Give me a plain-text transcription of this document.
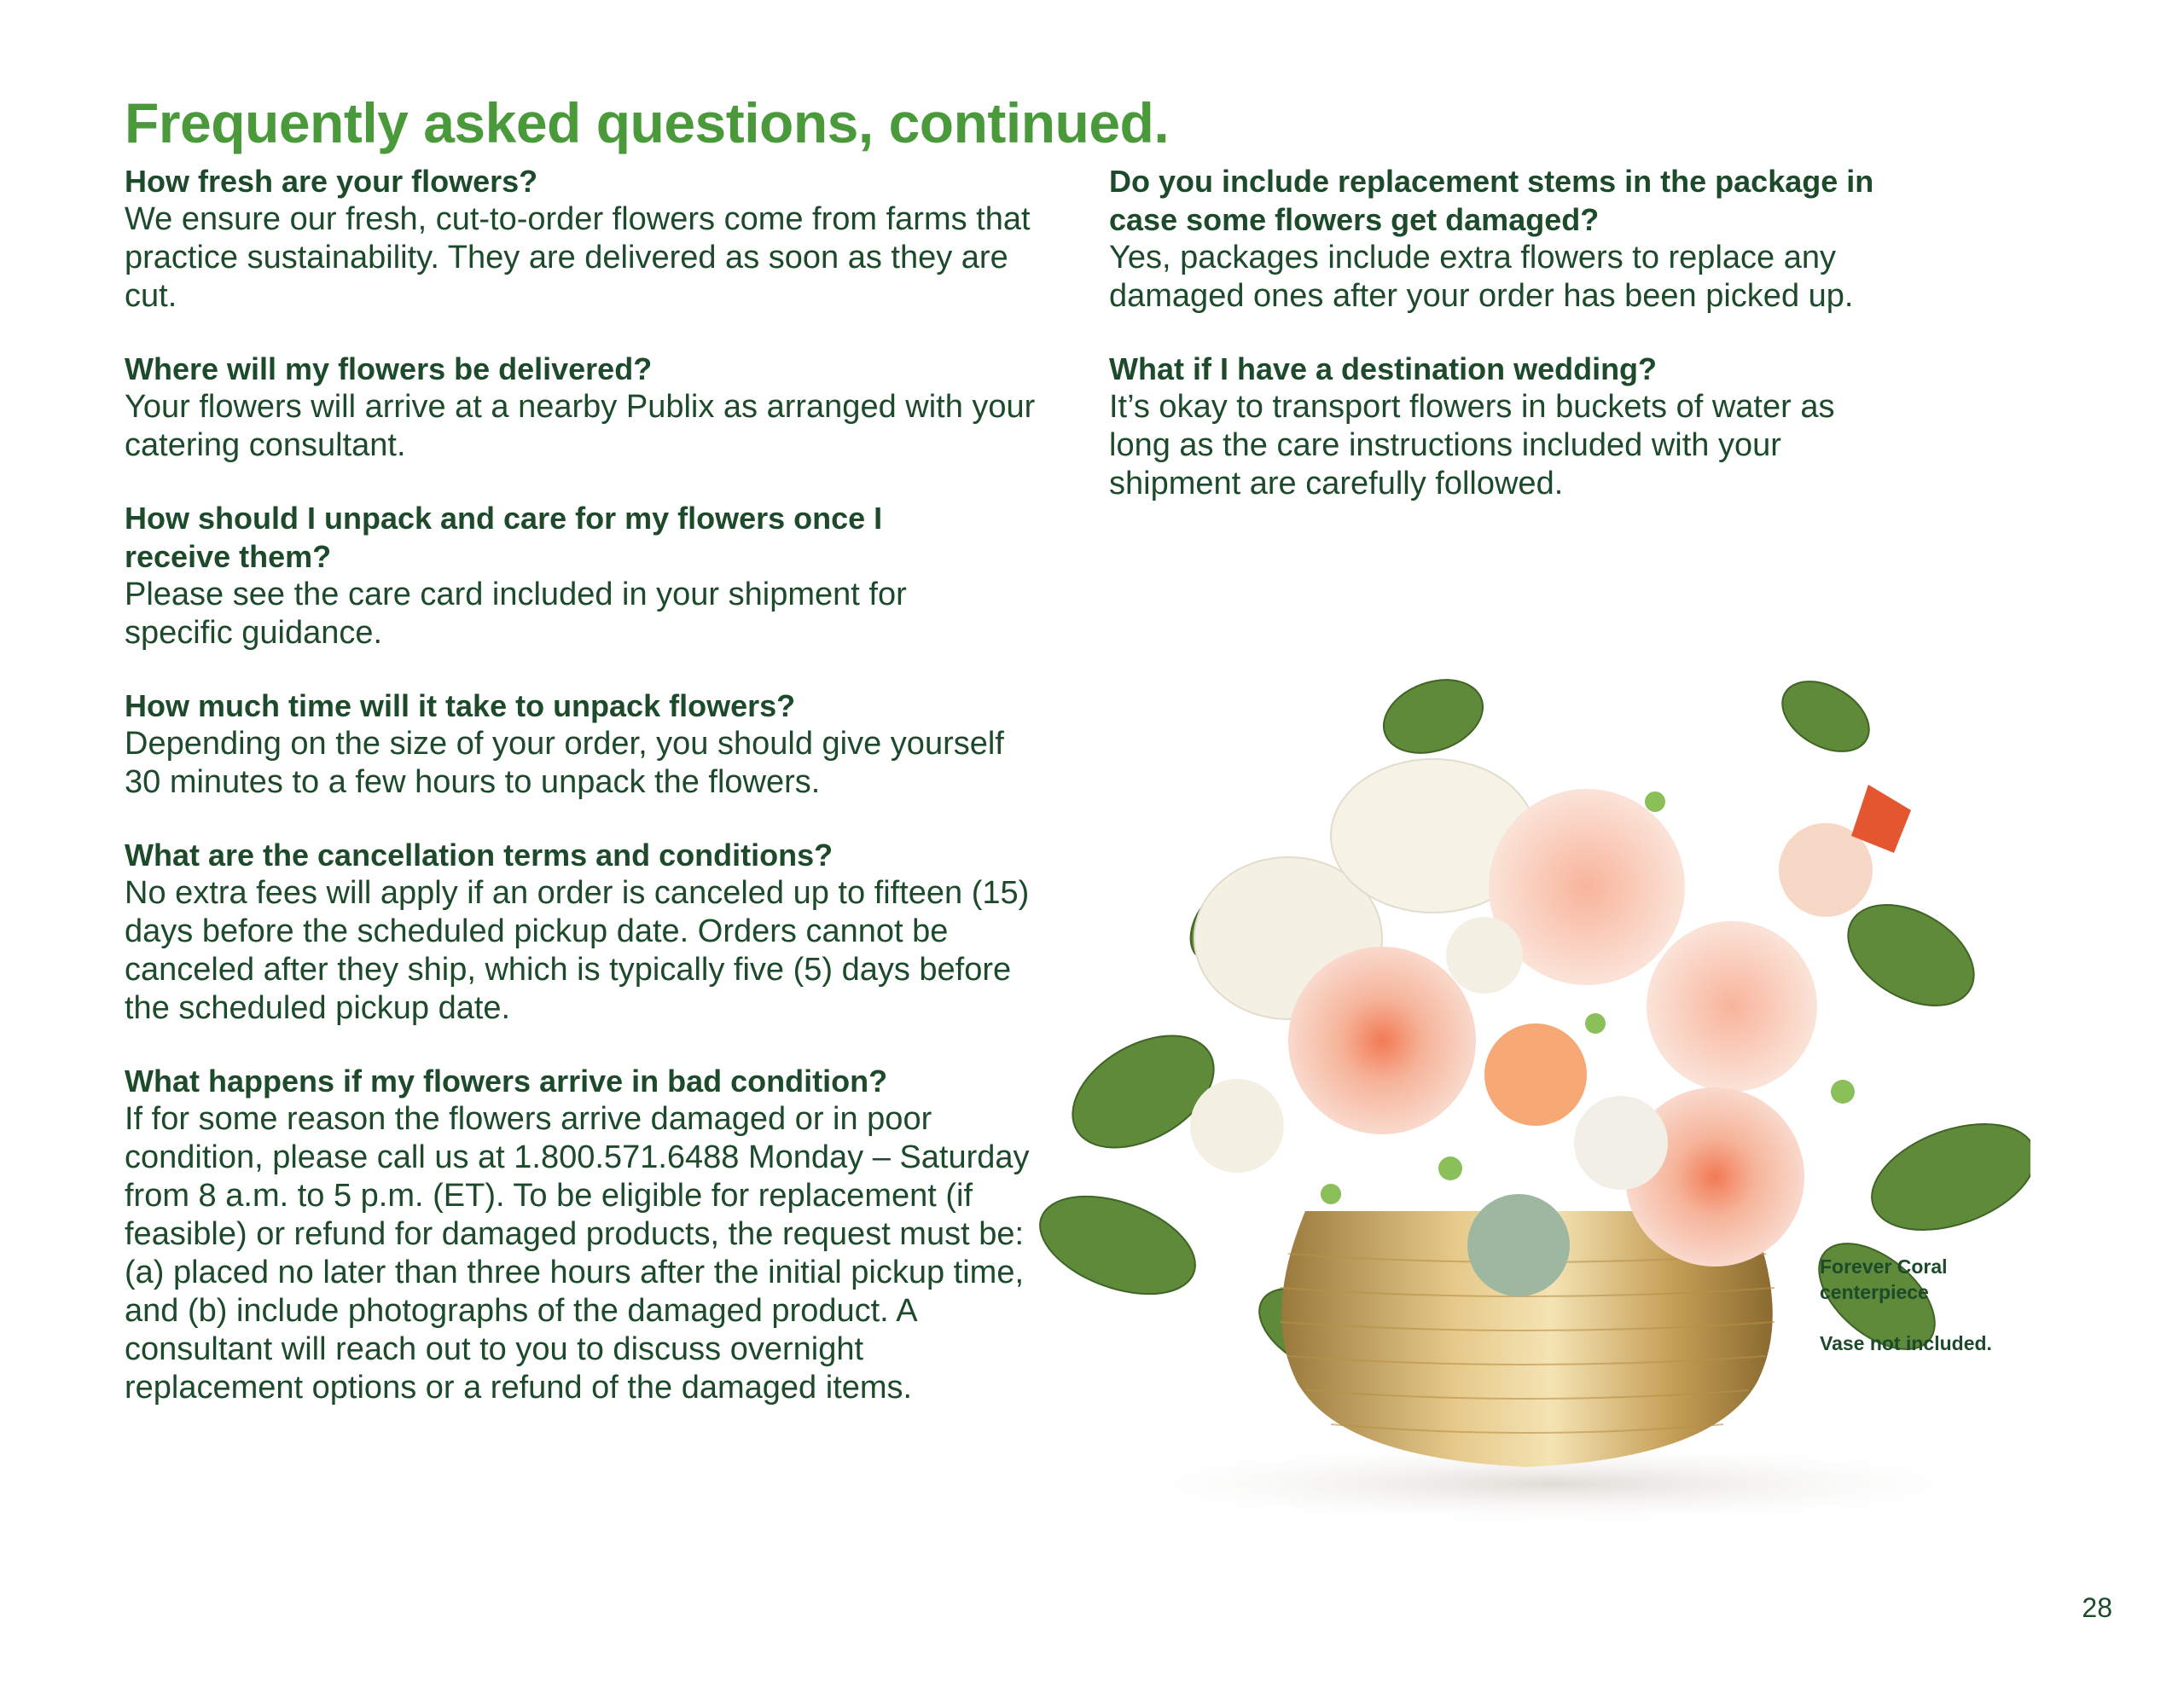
Frequently asked questions, continued.
How fresh are your flowers?

We ensure our fresh, cut-to-order flowers come from farms that practice sustainability. They are delivered as soon as they are cut.

Where will my flowers be delivered?

Your flowers will arrive at a nearby Publix as arranged with your catering consultant.

How should I unpack and care for my flowers once I receive them?

Please see the care card included in your shipment for specific guidance.

How much time will it take to unpack flowers?

Depending on the size of your order, you should give yourself 30 minutes to a few hours to unpack the flowers.

What are the cancellation terms and conditions?

No extra fees will apply if an order is canceled up to fifteen (15) days before the scheduled pickup date. Orders cannot be canceled after they ship, which is typically five (5) days before the scheduled pickup date.

What happens if my flowers arrive in bad condition?

If for some reason the flowers arrive damaged or in poor condition, please call us at 1.800.571.6488 Monday – Saturday from 8 a.m. to 5 p.m. (ET). To be eligible for replacement (if feasible) or refund for damaged products, the request must be: (a) placed no later than three hours after the initial pickup time, and (b) include photographs of the damaged product. A consultant will reach out to you to discuss overnight replacement options or a refund of the damaged items.

Do you include replacement stems in the package in case some flowers get damaged?

Yes, packages include extra flowers to replace any damaged ones after your order has been picked up.

What if I have a destination wedding?

It’s okay to transport flowers in buckets of water as long as the care instructions included with your shipment are carefully followed.

Forever Coral centerpiece
Vase not included.
28
